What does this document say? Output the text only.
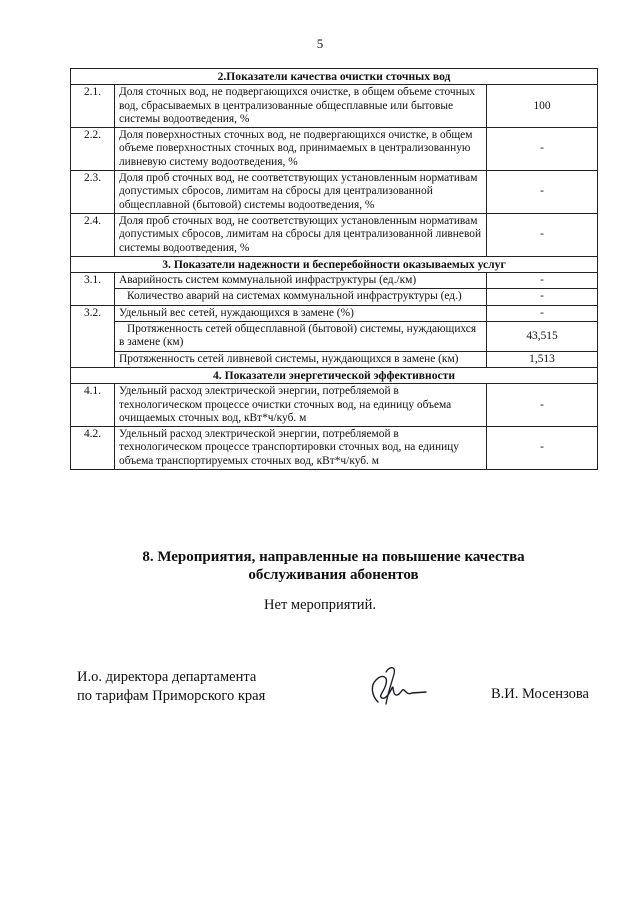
5
2.Показатели качества очистки сточных вод		
2.1.	Доля сточных вод, не подвергающихся очистке, в общем объеме сточных вод, сбрасываемых в централизованные общесплавные или бытовые системы водоотведения, %	100
2.2.	Доля поверхностных сточных вод, не подвергающихся очистке, в общем объеме поверхностных сточных вод, принимаемых в централизованную ливневую систему водоотведения, %	-
2.3.	Доля проб сточных вод, не соответствующих установленным нормативам допустимых сбросов, лимитам на сбросы для централизованной общесплавной (бытовой) системы водоотведения, %	-
2.4.	Доля проб сточных вод, не соответствующих установленным нормативам допустимых сбросов, лимитам на сбросы для централизованной ливневой системы водоотведения, %	-
3. Показатели надежности и бесперебойности оказываемых услуг		
3.1.	Аварийность систем коммунальной инфраструктуры (ед./км)	-
	Количество аварий на системах коммунальной инфраструктуры (ед.)	-
3.2.	Удельный вес сетей, нуждающихся в замене (%)	-
	Протяженность сетей общесплавной (бытовой) системы, нуждающихся в замене (км)	43,515
	Протяженность сетей ливневой системы, нуждающихся в замене (км)	1,513
4. Показатели энергетической эффективности		
4.1.	Удельный расход электрической энергии, потребляемой в технологическом процессе очистки сточных вод, на единицу объема очищаемых сточных вод, кВт*ч/куб. м	-
4.2.	Удельный расход электрической энергии, потребляемой в технологическом процессе транспортировки сточных вод, на единицу объема транспортируемых сточных вод, кВт*ч/куб. м	-
8. Мероприятия, направленные на повышение качества
обслуживания абонентов
Нет мероприятий.
И.о. директора департамента
по тарифам Приморского края	В.И. Мосензова
